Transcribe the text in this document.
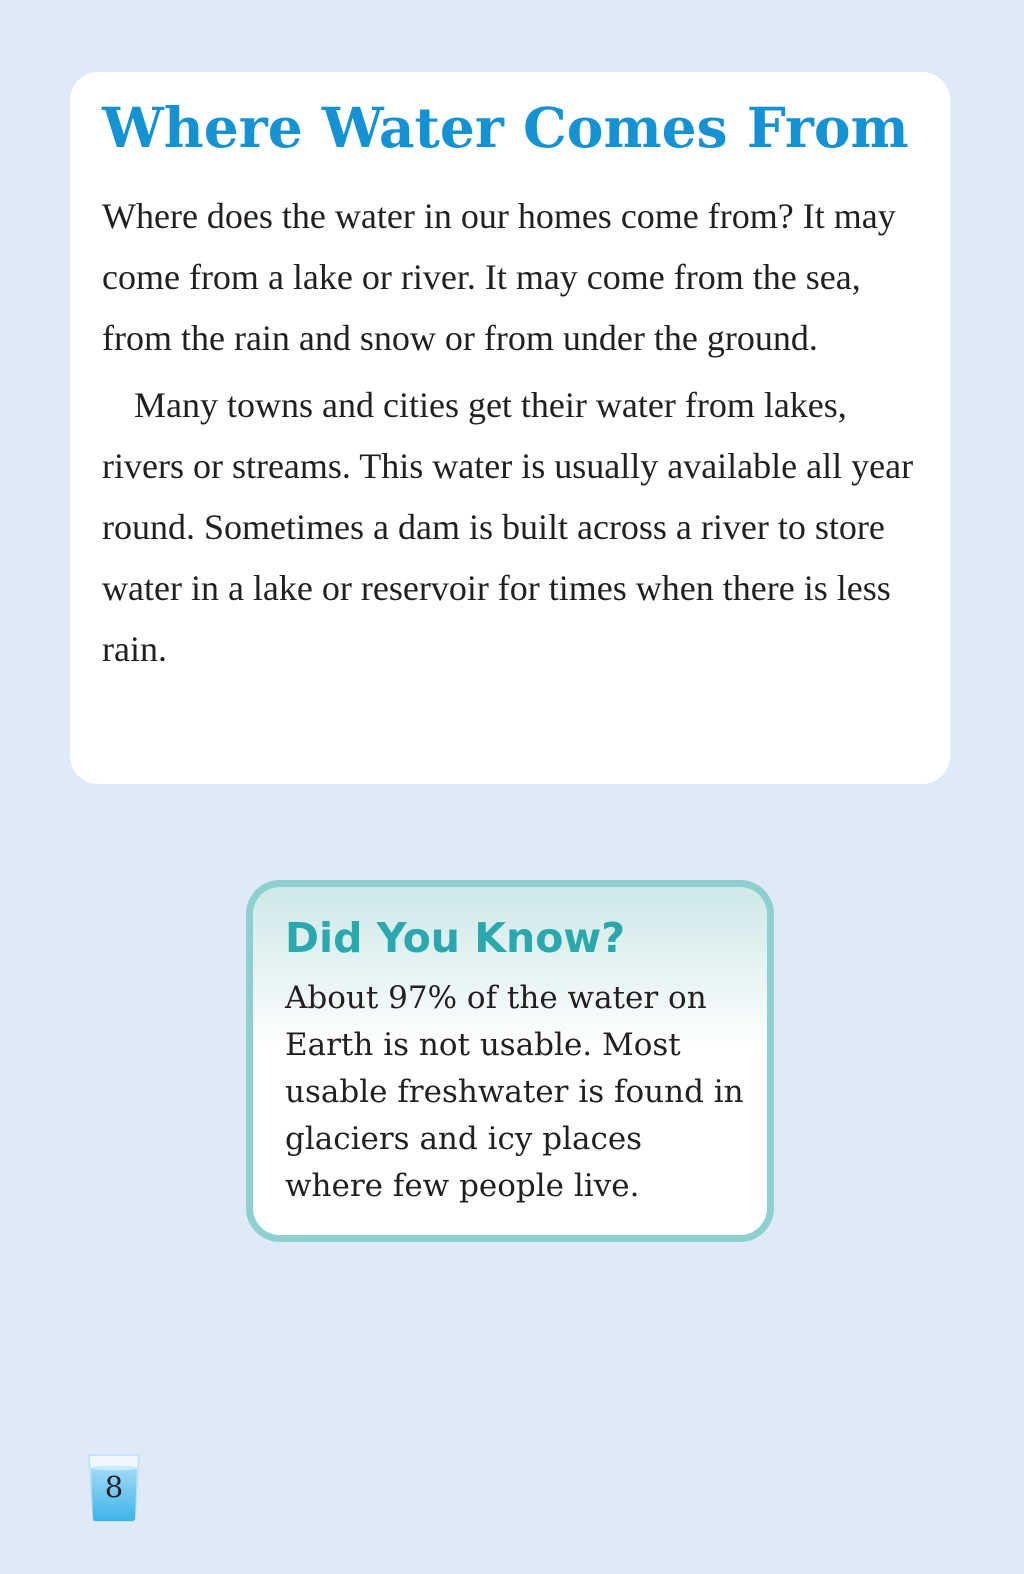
Where Water Comes From

Where does the water in our homes come from? It may come from a lake or river. It may come from the sea, from the rain and snow or from under the ground.

Many towns and cities get their water from lakes, rivers or streams. This water is usually available all year round. Sometimes a dam is built across a river to store water in a lake or reservoir for times when there is less rain.

Did You Know?

About 97% of the water on Earth is not usable. Most usable freshwater is found in glaciers and icy places where few people live.

8
